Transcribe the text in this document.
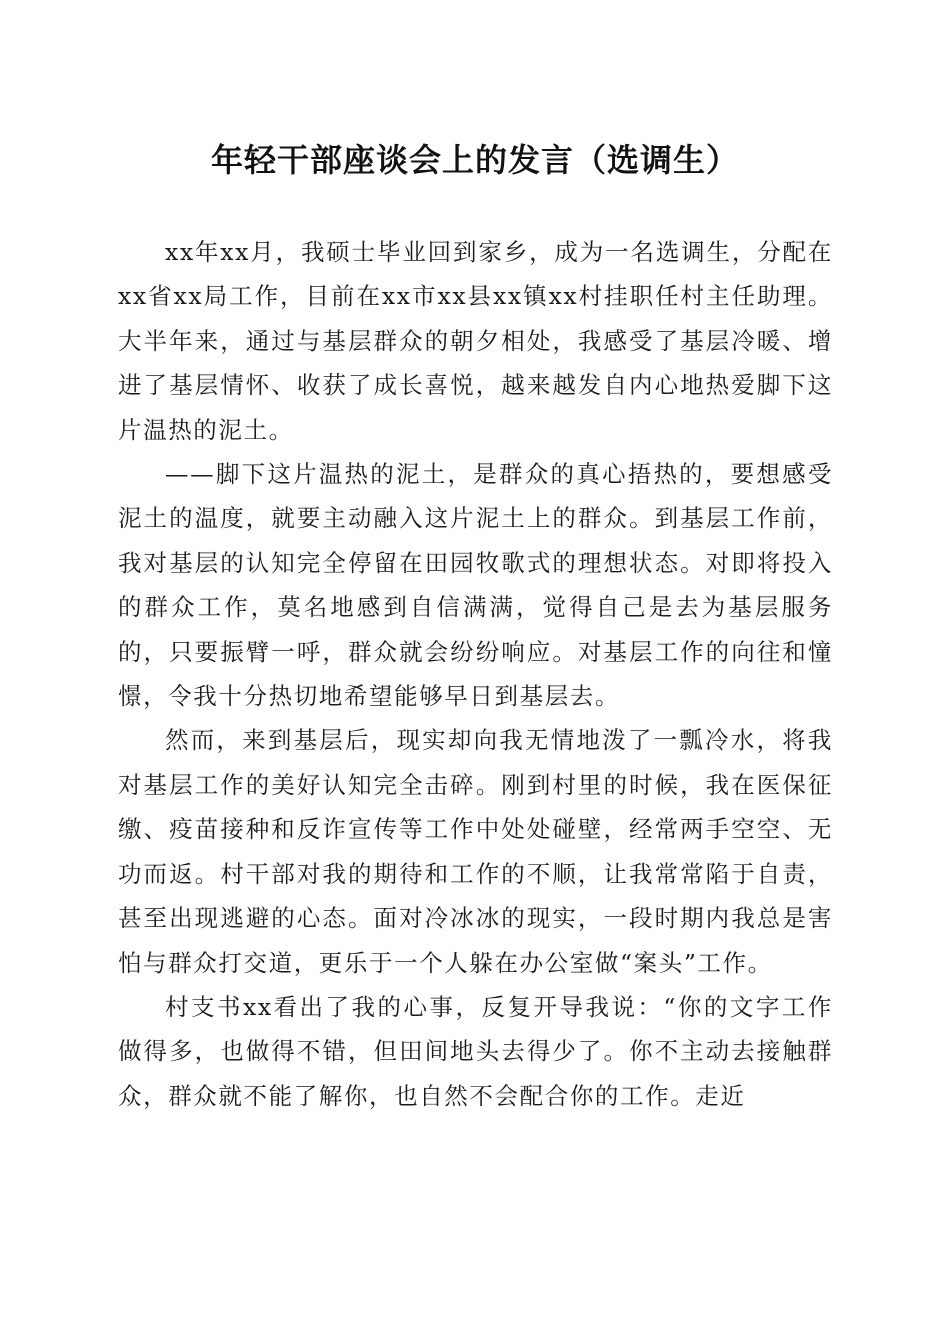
年轻干部座谈会上的发言（选调生）

xx年xx月，我硕士毕业回到家乡，成为一名选调生，分配在xx省xx局工作，目前在xx市xx县xx镇xx村挂职任村主任助理。大半年来，通过与基层群众的朝夕相处，我感受了基层冷暖、增进了基层情怀、收获了成长喜悦，越来越发自内心地热爱脚下这片温热的泥土。

——脚下这片温热的泥土，是群众的真心捂热的，要想感受泥土的温度，就要主动融入这片泥土上的群众。到基层工作前，我对基层的认知完全停留在田园牧歌式的理想状态。对即将投入的群众工作，莫名地感到自信满满，觉得自己是去为基层服务的，只要振臂一呼，群众就会纷纷响应。对基层工作的向往和憧憬，令我十分热切地希望能够早日到基层去。

然而，来到基层后，现实却向我无情地泼了一瓢冷水，将我对基层工作的美好认知完全击碎。刚到村里的时候，我在医保征缴、疫苗接种和反诈宣传等工作中处处碰壁，经常两手空空、无功而返。村干部对我的期待和工作的不顺，让我常常陷于自责，甚至出现逃避的心态。面对冷冰冰的现实，一段时期内我总是害怕与群众打交道，更乐于一个人躲在办公室做“案头”工作。

村支书xx看出了我的心事，反复开导我说：“你的文字工作做得多，也做得不错，但田间地头去得少了。你不主动去接触群众，群众就不能了解你，也自然不会配合你的工作。走近
